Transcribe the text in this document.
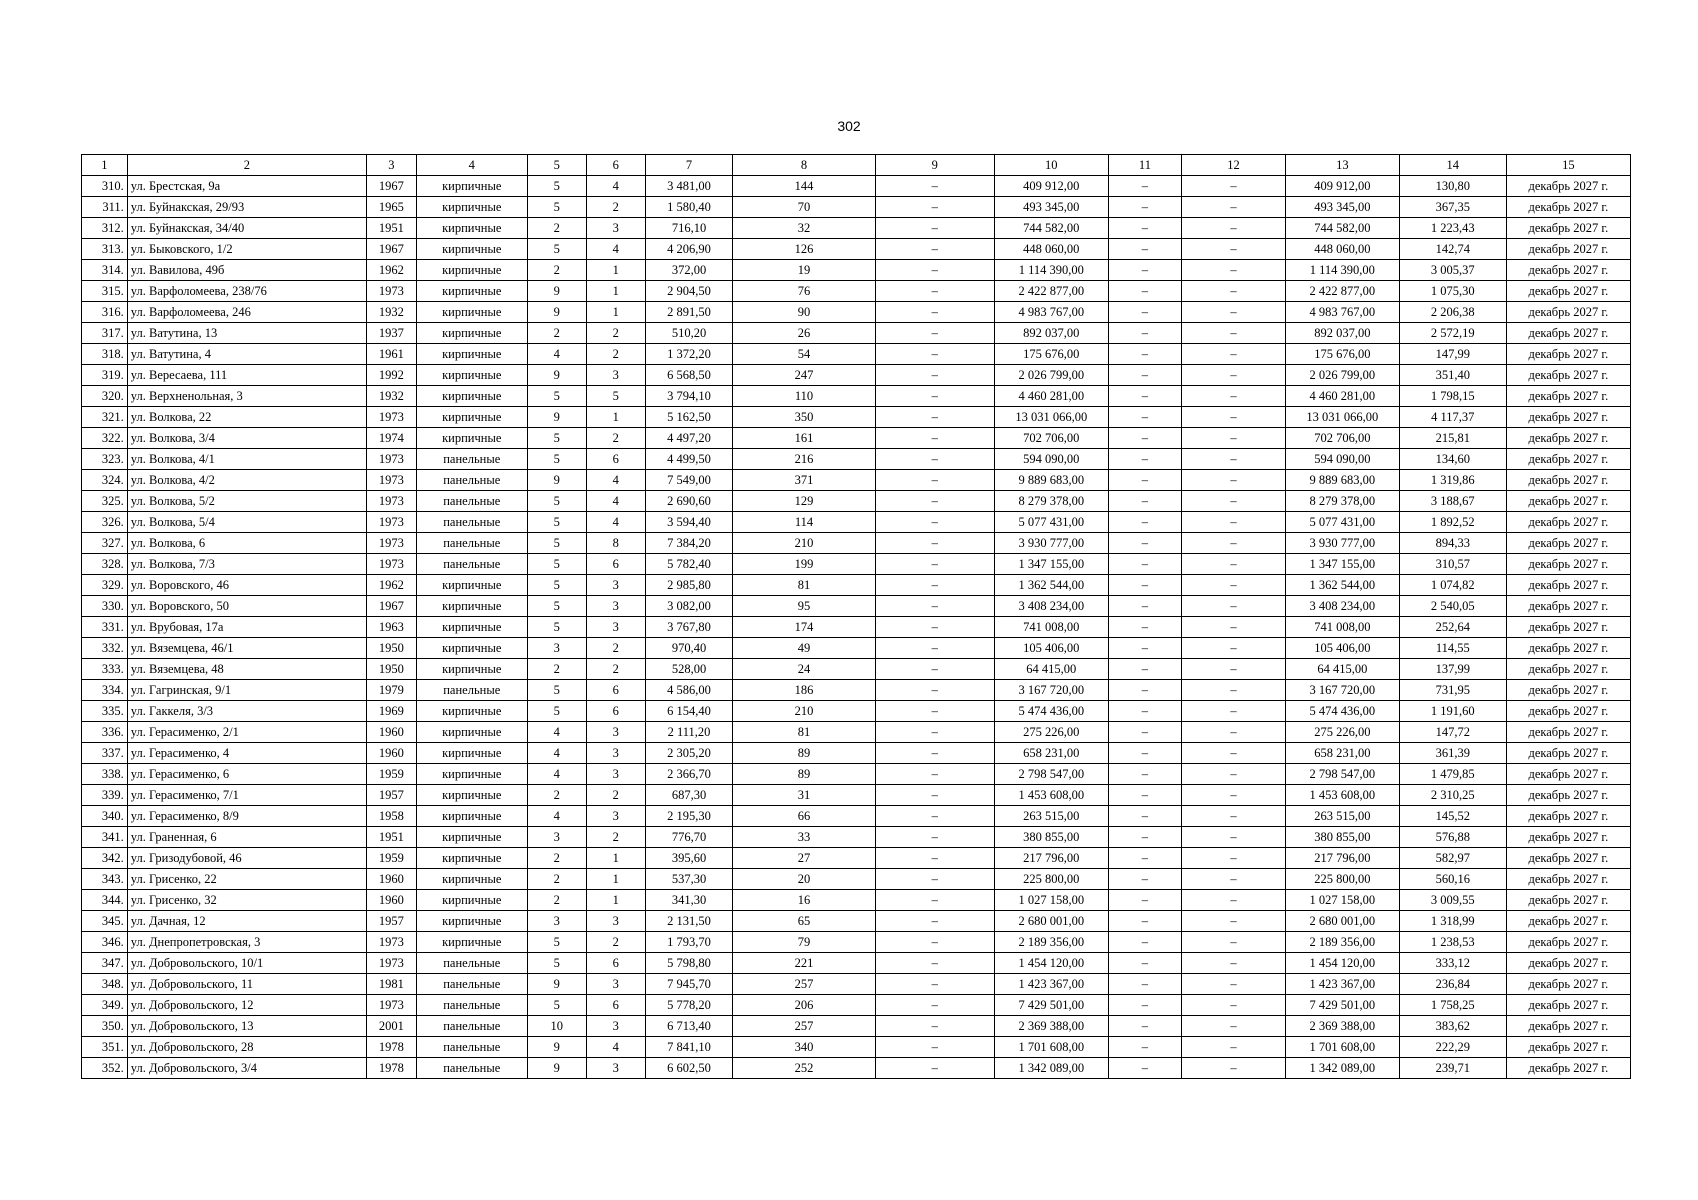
302
1	2	3	4	5	6	7	8	9	10	11	12	13	14	15
310.	ул. Брестская, 9а	1967	кирпичные	5	4	3 481,00	144	–	409 912,00	–	–	409 912,00	130,80	декабрь 2027 г.
311.	ул. Буйнакская, 29/93	1965	кирпичные	5	2	1 580,40	70	–	493 345,00	–	–	493 345,00	367,35	декабрь 2027 г.
312.	ул. Буйнакская, 34/40	1951	кирпичные	2	3	716,10	32	–	744 582,00	–	–	744 582,00	1 223,43	декабрь 2027 г.
313.	ул. Быковского, 1/2	1967	кирпичные	5	4	4 206,90	126	–	448 060,00	–	–	448 060,00	142,74	декабрь 2027 г.
314.	ул. Вавилова, 49б	1962	кирпичные	2	1	372,00	19	–	1 114 390,00	–	–	1 114 390,00	3 005,37	декабрь 2027 г.
315.	ул. Варфоломеева, 238/76	1973	кирпичные	9	1	2 904,50	76	–	2 422 877,00	–	–	2 422 877,00	1 075,30	декабрь 2027 г.
316.	ул. Варфоломеева, 246	1932	кирпичные	9	1	2 891,50	90	–	4 983 767,00	–	–	4 983 767,00	2 206,38	декабрь 2027 г.
317.	ул. Ватутина, 13	1937	кирпичные	2	2	510,20	26	–	892 037,00	–	–	892 037,00	2 572,19	декабрь 2027 г.
318.	ул. Ватутина, 4	1961	кирпичные	4	2	1 372,20	54	–	175 676,00	–	–	175 676,00	147,99	декабрь 2027 г.
319.	ул. Вересаева, 111	1992	кирпичные	9	3	6 568,50	247	–	2 026 799,00	–	–	2 026 799,00	351,40	декабрь 2027 г.
320.	ул. Верхненольная, 3	1932	кирпичные	5	5	3 794,10	110	–	4 460 281,00	–	–	4 460 281,00	1 798,15	декабрь 2027 г.
321.	ул. Волкова, 22	1973	кирпичные	9	1	5 162,50	350	–	13 031 066,00	–	–	13 031 066,00	4 117,37	декабрь 2027 г.
322.	ул. Волкова, 3/4	1974	кирпичные	5	2	4 497,20	161	–	702 706,00	–	–	702 706,00	215,81	декабрь 2027 г.
323.	ул. Волкова, 4/1	1973	панельные	5	6	4 499,50	216	–	594 090,00	–	–	594 090,00	134,60	декабрь 2027 г.
324.	ул. Волкова, 4/2	1973	панельные	9	4	7 549,00	371	–	9 889 683,00	–	–	9 889 683,00	1 319,86	декабрь 2027 г.
325.	ул. Волкова, 5/2	1973	панельные	5	4	2 690,60	129	–	8 279 378,00	–	–	8 279 378,00	3 188,67	декабрь 2027 г.
326.	ул. Волкова, 5/4	1973	панельные	5	4	3 594,40	114	–	5 077 431,00	–	–	5 077 431,00	1 892,52	декабрь 2027 г.
327.	ул. Волкова, 6	1973	панельные	5	8	7 384,20	210	–	3 930 777,00	–	–	3 930 777,00	894,33	декабрь 2027 г.
328.	ул. Волкова, 7/3	1973	панельные	5	6	5 782,40	199	–	1 347 155,00	–	–	1 347 155,00	310,57	декабрь 2027 г.
329.	ул. Воровского, 46	1962	кирпичные	5	3	2 985,80	81	–	1 362 544,00	–	–	1 362 544,00	1 074,82	декабрь 2027 г.
330.	ул. Воровского, 50	1967	кирпичные	5	3	3 082,00	95	–	3 408 234,00	–	–	3 408 234,00	2 540,05	декабрь 2027 г.
331.	ул. Врубовая, 17а	1963	кирпичные	5	3	3 767,80	174	–	741 008,00	–	–	741 008,00	252,64	декабрь 2027 г.
332.	ул. Вяземцева, 46/1	1950	кирпичные	3	2	970,40	49	–	105 406,00	–	–	105 406,00	114,55	декабрь 2027 г.
333.	ул. Вяземцева, 48	1950	кирпичные	2	2	528,00	24	–	64 415,00	–	–	64 415,00	137,99	декабрь 2027 г.
334.	ул. Гагринская, 9/1	1979	панельные	5	6	4 586,00	186	–	3 167 720,00	–	–	3 167 720,00	731,95	декабрь 2027 г.
335.	ул. Гаккеля, 3/3	1969	кирпичные	5	6	6 154,40	210	–	5 474 436,00	–	–	5 474 436,00	1 191,60	декабрь 2027 г.
336.	ул. Герасименко, 2/1	1960	кирпичные	4	3	2 111,20	81	–	275 226,00	–	–	275 226,00	147,72	декабрь 2027 г.
337.	ул. Герасименко, 4	1960	кирпичные	4	3	2 305,20	89	–	658 231,00	–	–	658 231,00	361,39	декабрь 2027 г.
338.	ул. Герасименко, 6	1959	кирпичные	4	3	2 366,70	89	–	2 798 547,00	–	–	2 798 547,00	1 479,85	декабрь 2027 г.
339.	ул. Герасименко, 7/1	1957	кирпичные	2	2	687,30	31	–	1 453 608,00	–	–	1 453 608,00	2 310,25	декабрь 2027 г.
340.	ул. Герасименко, 8/9	1958	кирпичные	4	3	2 195,30	66	–	263 515,00	–	–	263 515,00	145,52	декабрь 2027 г.
341.	ул. Граненная, 6	1951	кирпичные	3	2	776,70	33	–	380 855,00	–	–	380 855,00	576,88	декабрь 2027 г.
342.	ул. Гризодубовой, 46	1959	кирпичные	2	1	395,60	27	–	217 796,00	–	–	217 796,00	582,97	декабрь 2027 г.
343.	ул. Грисенко, 22	1960	кирпичные	2	1	537,30	20	–	225 800,00	–	–	225 800,00	560,16	декабрь 2027 г.
344.	ул. Грисенко, 32	1960	кирпичные	2	1	341,30	16	–	1 027 158,00	–	–	1 027 158,00	3 009,55	декабрь 2027 г.
345.	ул. Дачная, 12	1957	кирпичные	3	3	2 131,50	65	–	2 680 001,00	–	–	2 680 001,00	1 318,99	декабрь 2027 г.
346.	ул. Днепропетровская, 3	1973	кирпичные	5	2	1 793,70	79	–	2 189 356,00	–	–	2 189 356,00	1 238,53	декабрь 2027 г.
347.	ул. Добровольского, 10/1	1973	панельные	5	6	5 798,80	221	–	1 454 120,00	–	–	1 454 120,00	333,12	декабрь 2027 г.
348.	ул. Добровольского, 11	1981	панельные	9	3	7 945,70	257	–	1 423 367,00	–	–	1 423 367,00	236,84	декабрь 2027 г.
349.	ул. Добровольского, 12	1973	панельные	5	6	5 778,20	206	–	7 429 501,00	–	–	7 429 501,00	1 758,25	декабрь 2027 г.
350.	ул. Добровольского, 13	2001	панельные	10	3	6 713,40	257	–	2 369 388,00	–	–	2 369 388,00	383,62	декабрь 2027 г.
351.	ул. Добровольского, 28	1978	панельные	9	4	7 841,10	340	–	1 701 608,00	–	–	1 701 608,00	222,29	декабрь 2027 г.
352.	ул. Добровольского, 3/4	1978	панельные	9	3	6 602,50	252	–	1 342 089,00	–	–	1 342 089,00	239,71	декабрь 2027 г.
